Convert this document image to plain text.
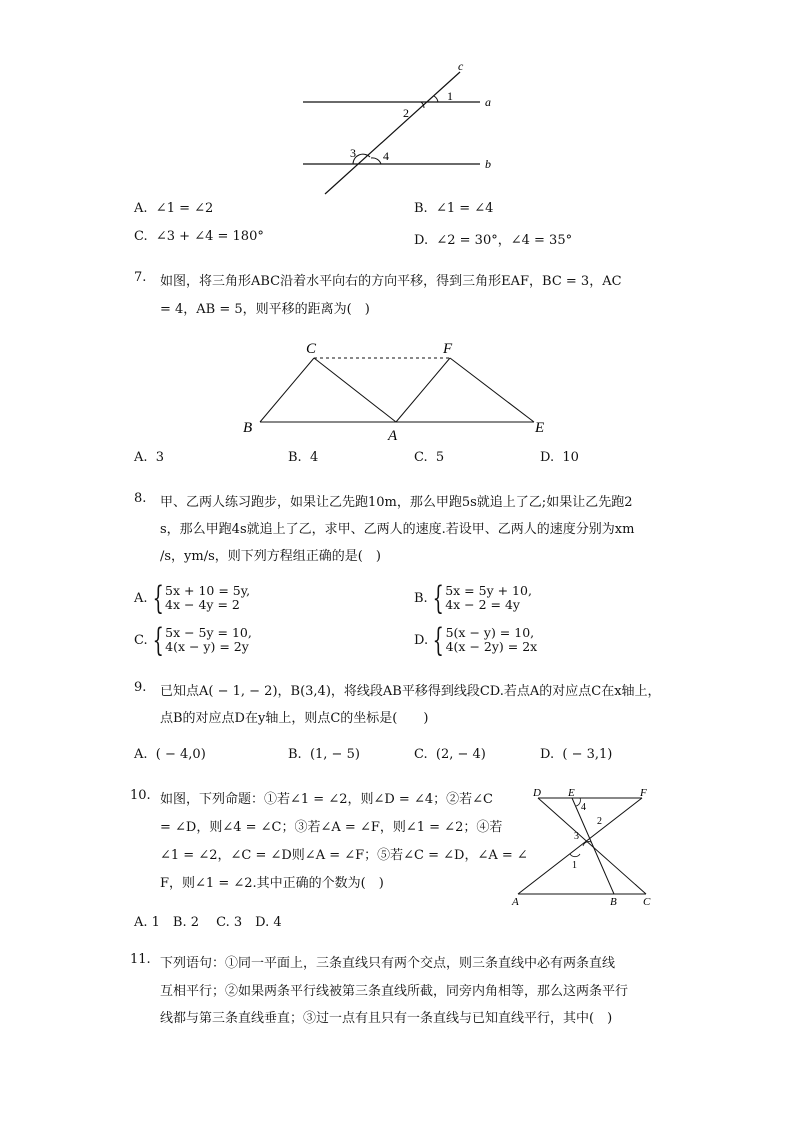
c
a
b
1
2
3 4
A. ∠1 = ∠2	B. ∠1 = ∠4
C. ∠3 + ∠4 = 180°	D. ∠2 = 30°，∠4 = 35°
7. 如图，将三角形ABC沿着水平向右的方向平移，得到三角形EAF，BC = 3，AC
= 4，AB = 5，则平移的距离为(　)
B
C
A
F
E
A. 3	B. 4	C. 5	D. 10
8. 甲、乙两人练习跑步，如果让乙先跑10m，那么甲跑5s就追上了乙;如果让乙先跑2
s，那么甲跑4s就追上了乙，求甲、乙两人的速度.若设甲、乙两人的速度分别为xm
/s，ym/s，则下列方程组正确的是(　)
A.
{ 5x + 10 = 5y,
4x − 4y = 2	B.
{ 5x = 5y + 10,
4x − 2 = 4y
C.
{ 5x − 5y = 10,
4(x − y) = 2y	D.
{ 5(x − y) = 10,
4(x − 2y) = 2x
9. 已知点A( − 1, − 2)，B(3,4)，将线段AB平移得到线段CD.若点A的对应点C在x轴上，
点B的对应点D在y轴上，则点C的坐标是(　　)
A. ( − 4,0)	B. (1, − 5)	C. (2, − 4)	D. ( − 3,1)
10. 如图，下列命题：①若∠1 = ∠2，则∠D = ∠4；②若∠C
= ∠D，则∠4 = ∠C；③若∠A = ∠F，则∠1 = ∠2；④若
∠1 = ∠2，∠C = ∠D则∠A = ∠F；⑤若∠C = ∠D，∠A = ∠
F，则∠1 = ∠2.其中正确的个数为(　)
A. 1　B. 2　 C. 3　D. 4
D E	F
A	B C
4
2
3
1
11. 下列语句：①同一平面上，三条直线只有两个交点，则三条直线中必有两条直线
互相平行；②如果两条平行线被第三条直线所截，同旁内角相等，那么这两条平行
线都与第三条直线垂直；③过一点有且只有一条直线与已知直线平行，其中(　)
